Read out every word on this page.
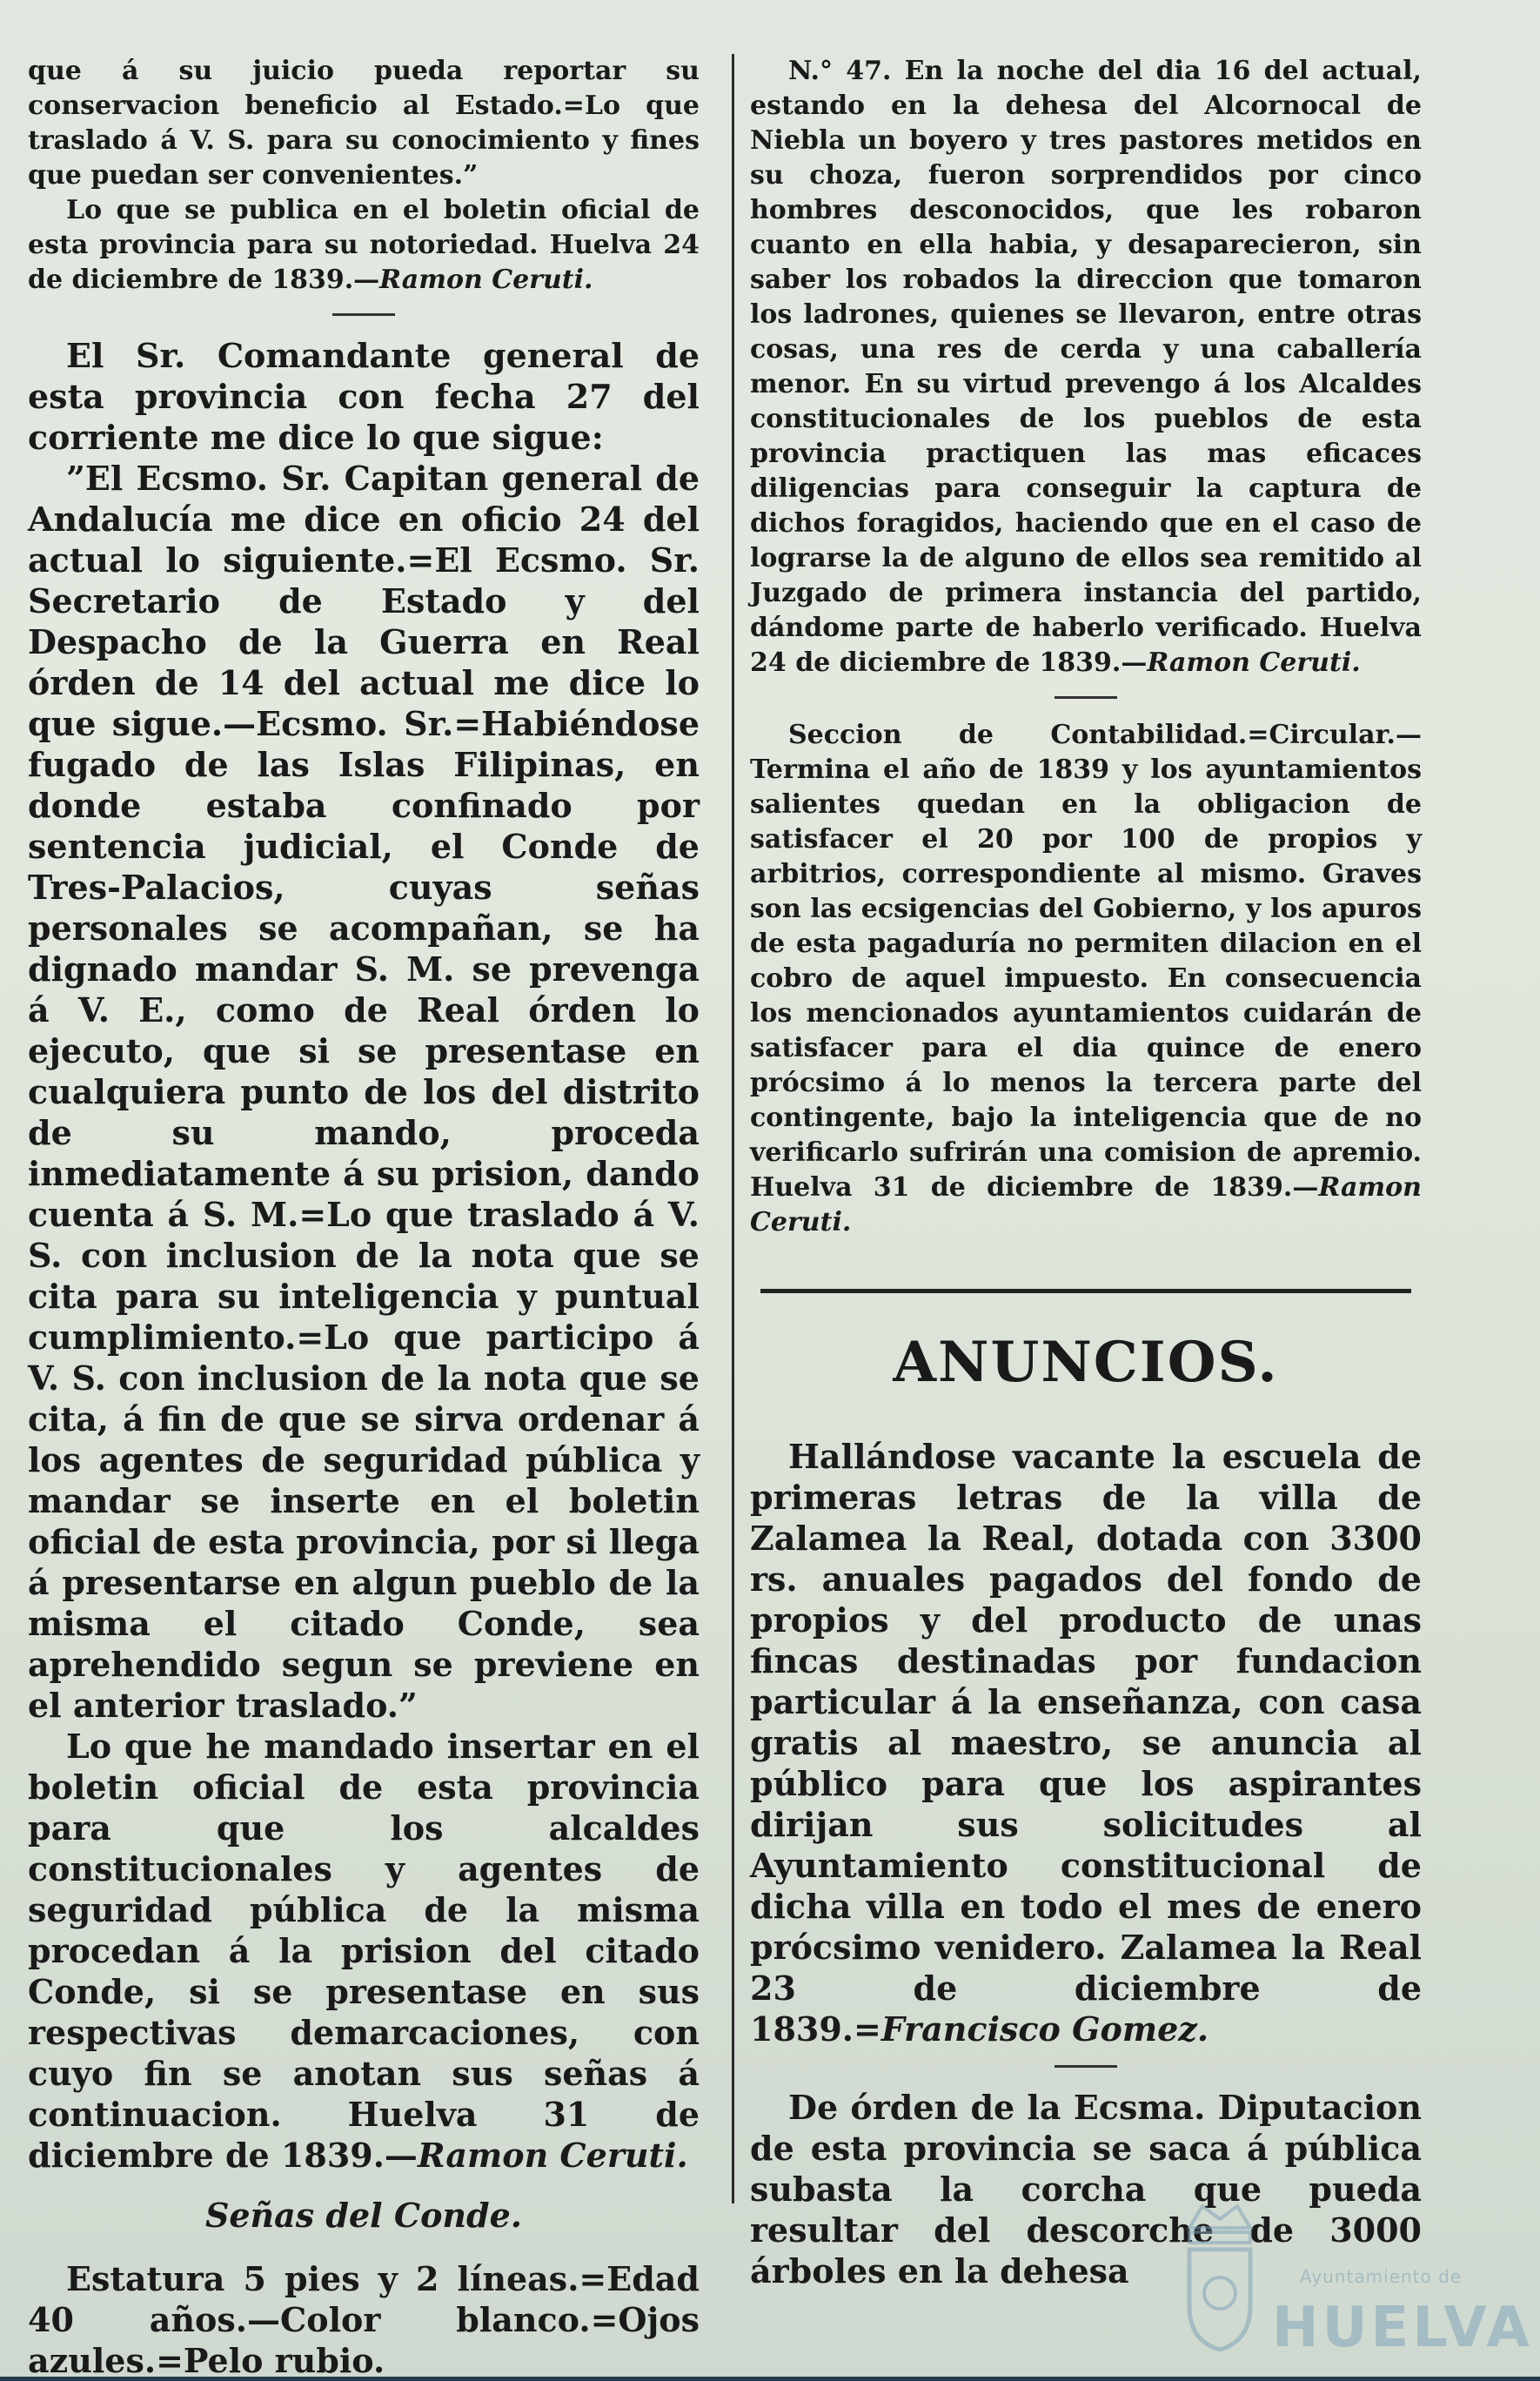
que á su juicio pueda reportar su conservacion beneficio al Estado.=Lo que traslado á V. S. para su conocimiento y fines que puedan ser convenientes.”

Lo que se publica en el boletin oficial de esta provincia para su notoriedad. Huelva 24 de diciembre de 1839.—Ramon Ceruti.

El Sr. Comandante general de esta provincia con fecha 27 del corriente me dice lo que sigue:

”El Ecsmo. Sr. Capitan general de Andalucía me dice en oficio 24 del actual lo siguiente.=El Ecsmo. Sr. Secretario de Estado y del Despacho de la Guerra en Real órden de 14 del actual me dice lo que sigue.—Ecsmo. Sr.=Habiéndose fugado de las Islas Filipinas, en donde estaba confinado por sentencia judicial, el Conde de Tres-Palacios, cuyas señas personales se acompañan, se ha dignado mandar S. M. se prevenga á V. E., como de Real órden lo ejecuto, que si se presentase en cualquiera punto de los del distrito de su mando, proceda inmediatamente á su prision, dando cuenta á S. M.=Lo que traslado á V. S. con inclusion de la nota que se cita para su inteligencia y puntual cumplimiento.=Lo que participo á V. S. con inclusion de la nota que se cita, á fin de que se sirva ordenar á los agentes de seguridad pública y mandar se inserte en el boletin oficial de esta provincia, por si llega á presentarse en algun pueblo de la misma el citado Conde, sea aprehendido segun se previene en el anterior traslado.”

Lo que he mandado insertar en el boletin oficial de esta provincia para que los alcaldes constitucionales y agentes de seguridad pública de la misma procedan á la prision del citado Conde, si se presentase en sus respectivas demarcaciones, con cuyo fin se anotan sus señas á continuacion. Huelva 31 de diciembre de 1839.—Ramon Ceruti.

Señas del Conde.

Estatura 5 pies y 2 líneas.=Edad 40 años.—Color blanco.=Ojos azules.=Pelo rubio.

N.° 47. En la noche del dia 16 del actual, estando en la dehesa del Alcornocal de Niebla un boyero y tres pastores metidos en su choza, fueron sorprendidos por cinco hombres desconocidos, que les robaron cuanto en ella habia, y desaparecieron, sin saber los robados la direccion que tomaron los ladrones, quienes se llevaron, entre otras cosas, una res de cerda y una caballería menor. En su virtud prevengo á los Alcaldes constitucionales de los pueblos de esta provincia practiquen las mas eficaces diligencias para conseguir la captura de dichos foragidos, haciendo que en el caso de lograrse la de alguno de ellos sea remitido al Juzgado de primera instancia del partido, dándome parte de haberlo verificado. Huelva 24 de diciembre de 1839.—Ramon Ceruti.

Seccion de Contabilidad.=Circular.—Termina el año de 1839 y los ayuntamientos salientes quedan en la obligacion de satisfacer el 20 por 100 de propios y arbitrios, correspondiente al mismo. Graves son las ecsigencias del Gobierno, y los apuros de esta pagaduría no permiten dilacion en el cobro de aquel impuesto. En consecuencia los mencionados ayuntamientos cuidarán de satisfacer para el dia quince de enero prócsimo á lo menos la tercera parte del contingente, bajo la inteligencia que de no verificarlo sufrirán una comision de apremio. Huelva 31 de diciembre de 1839.—Ramon Ceruti.

ANUNCIOS.

Hallándose vacante la escuela de primeras letras de la villa de Zalamea la Real, dotada con 3300 rs. anuales pagados del fondo de propios y del producto de unas fincas destinadas por fundacion particular á la enseñanza, con casa gratis al maestro, se anuncia al público para que los aspirantes dirijan sus solicitudes al Ayuntamiento constitucional de dicha villa en todo el mes de enero prócsimo venidero. Zalamea la Real 23 de diciembre de 1839.=Francisco Gomez.

De órden de la Ecsma. Diputacion de esta provincia se saca á pública subasta la corcha que pueda resultar del descorche de 3000 árboles en la dehesa	Ayuntamiento de
HUELVA
